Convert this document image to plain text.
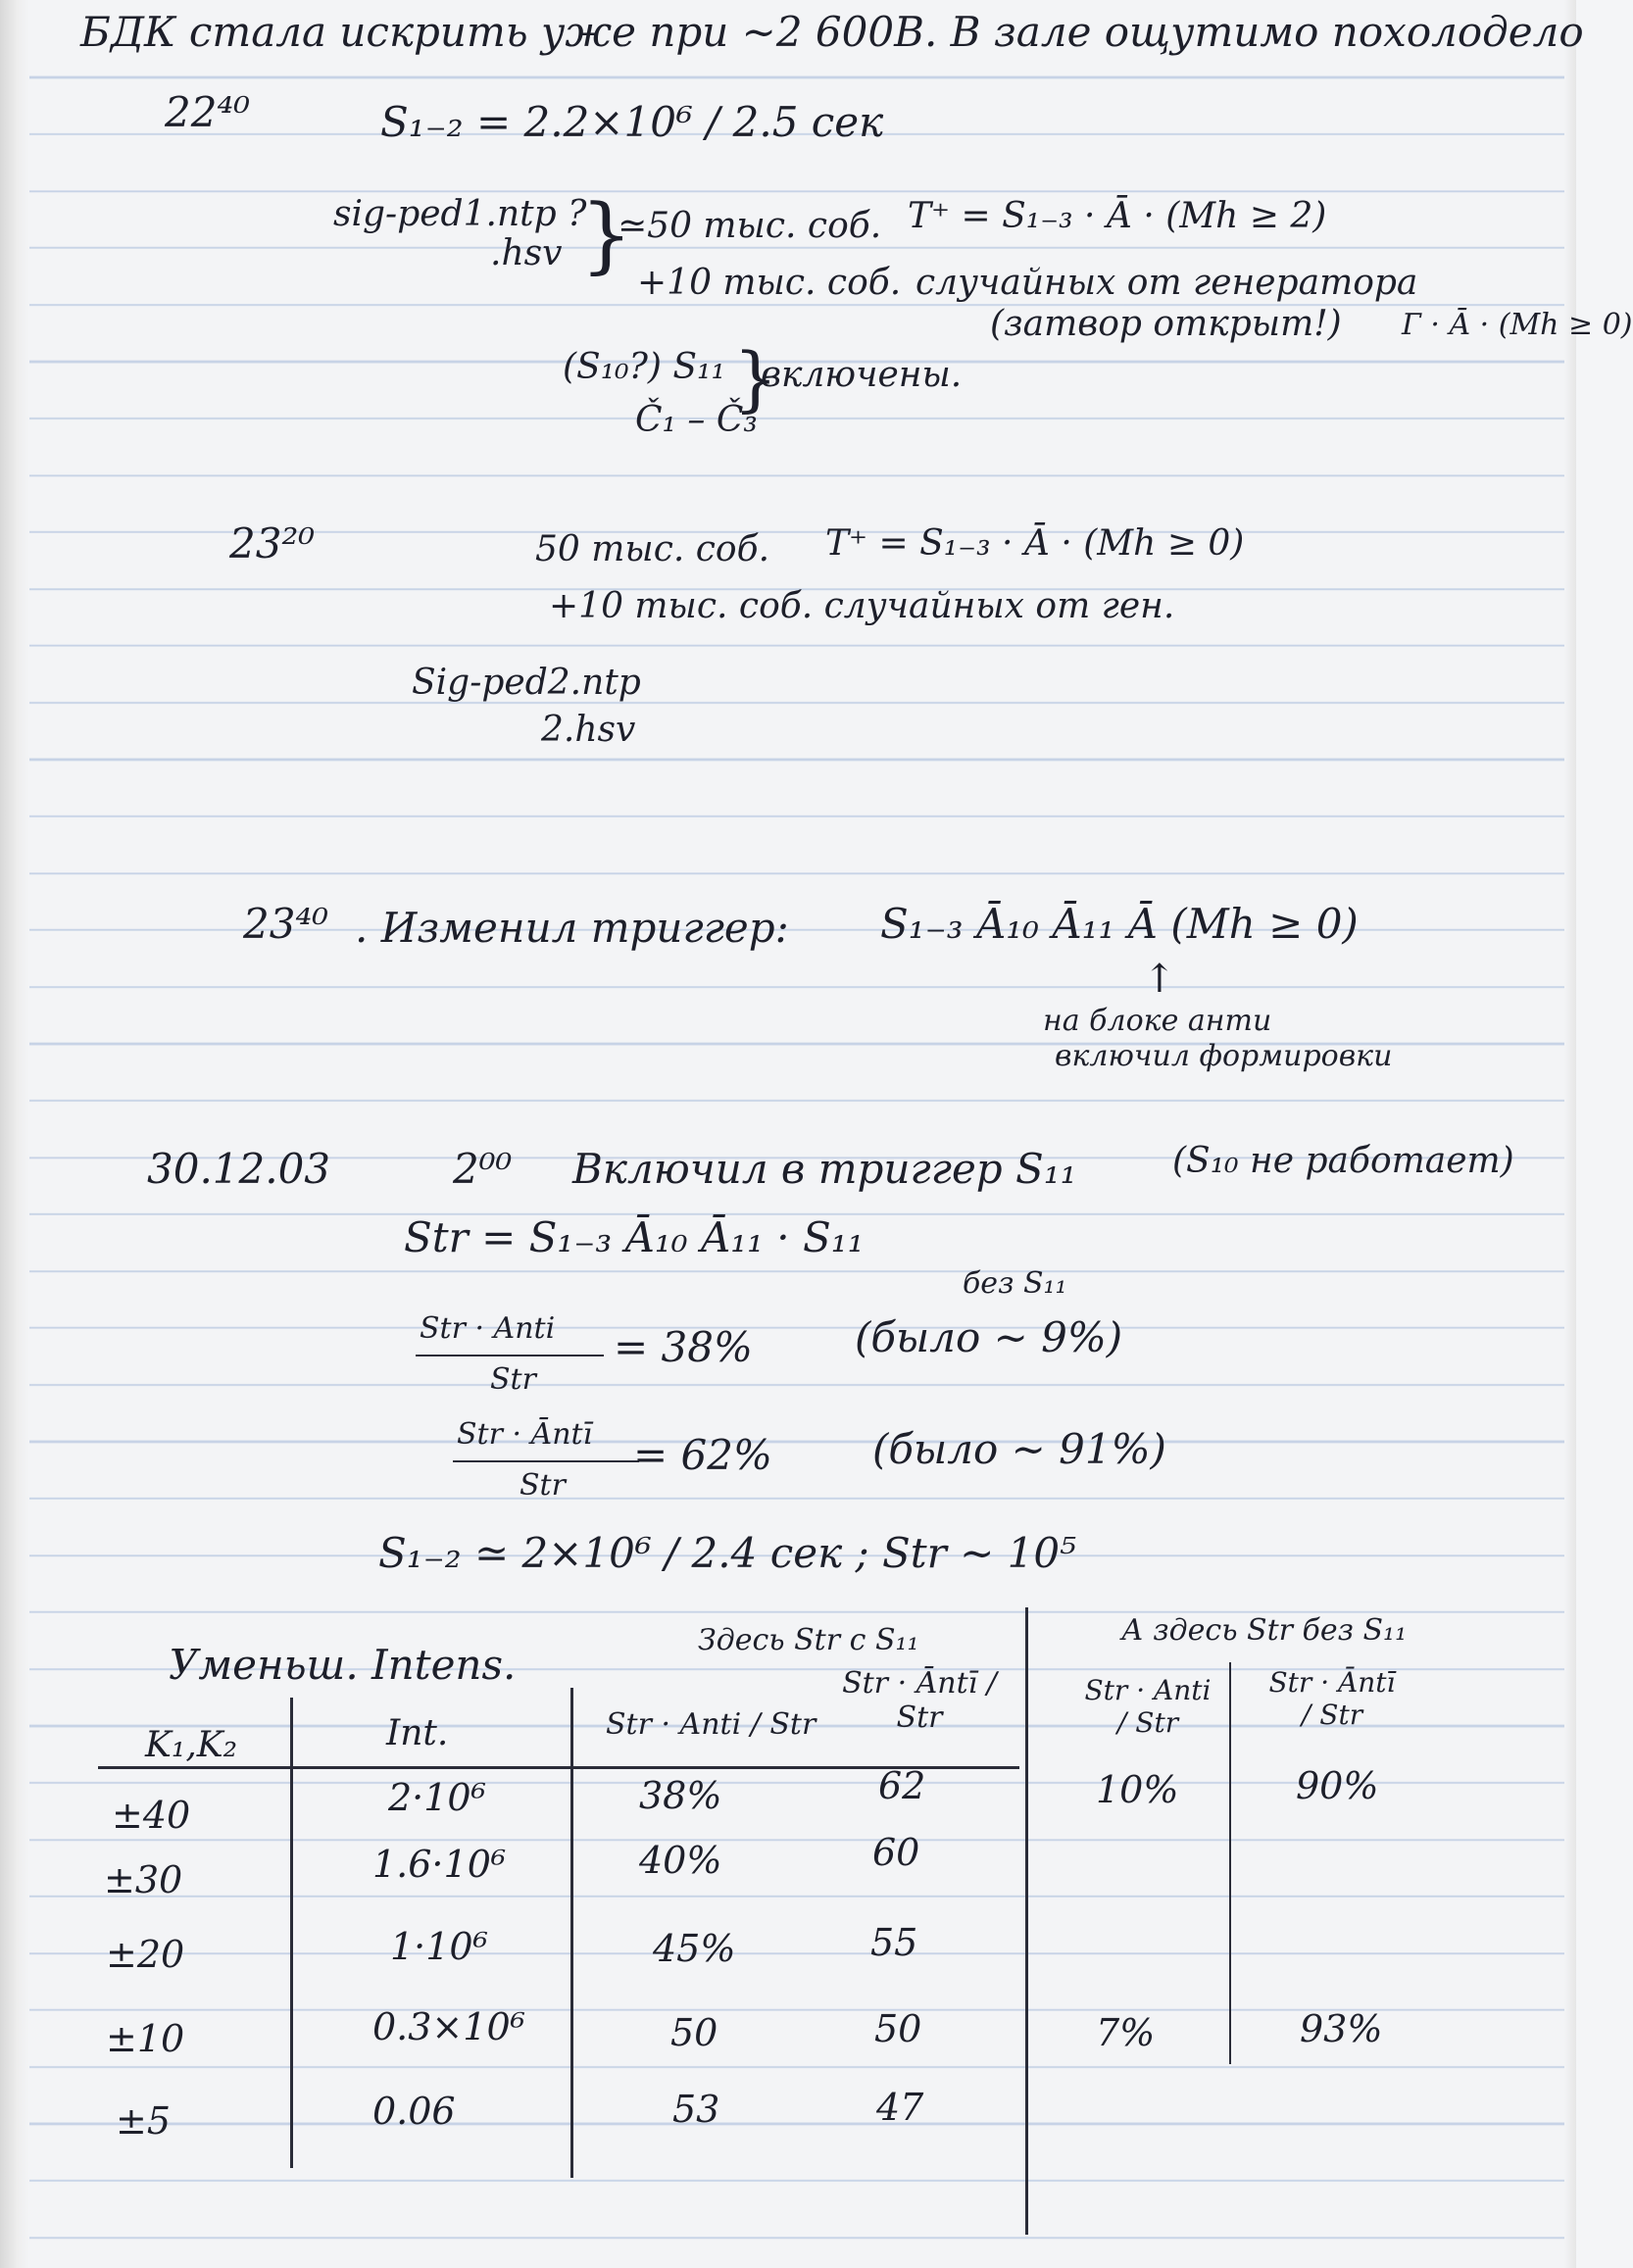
БДК стала искрить уже при ~2 600В. В зале ощутимо похолодело
22⁴⁰	S₁₋₂ = 2.2×10⁶ / 2.5 сек
sig-ped1.ntp ?
.hsv }
≃50 тыс. соб. T⁺ = S₁₋₃ · Ā · (Mh ≥ 2)
+10 тыс. соб. случайных от генератора
(затвор открыт!) Г · Ā · (Mh ≥ 0)
(S₁₀?) S₁₁
Č₁ – Č₃
}
включены.
23²⁰	50 тыс. соб. T⁺ = S₁₋₃ · Ā · (Mh ≥ 0)
+10 тыс. соб. случайных от ген.
Sig-ped2.ntp
2.hsv
23⁴⁰ . Изменил триггер: S₁₋₃ Ā₁₀ Ā₁₁ Ā (Mh ≥ 0)
↑
на блоке анти
включил формировки
30.12.03	2⁰⁰ Включил в триггер S₁₁	(S₁₀ не работает)
Str = S₁₋₃ Ā₁₀ Ā₁₁ · S₁₁
без S₁₁
Str · Anti
Str
= 38% (было ~ 9%)
Str · Āntī
Str
= 62% (было ~ 91%)
S₁₋₂ ≃ 2×10⁶ / 2.4 сек ; Str ~ 10⁵
Уменьш. Intens.
Здесь Str с S₁₁	А здесь Str без S₁₁
K₁,K₂	Int.	Str · Anti / Str
Str · Āntī / Str
Str · Anti / Str
Str · Āntī / Str
±40	2·10⁶	38%	62	10%	90%
±30	1.6·10⁶	40%	60
±20	1·10⁶	45%	55
±10	0.3×10⁶	50	50	7%	93%
±5	0.06	53	47
